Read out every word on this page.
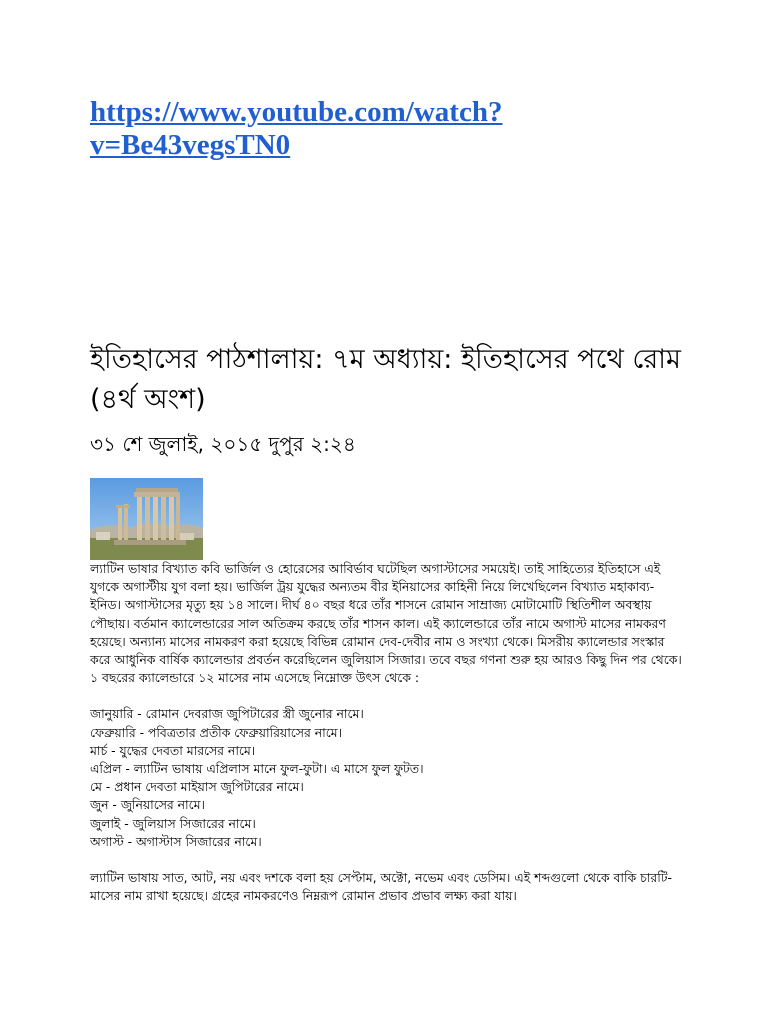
https://www.youtube.com/watch?
v=Be43vegsTN0
ইতিহাসের পাঠশালায়: ৭ম অধ্যায়: ইতিহাসের পথে রোম (৪র্থ অংশ)
৩১ শে জুলাই, ২০১৫ দুপুর ২:২৪

ল্যাটিন ভাষার বিখ্যাত কবি ভার্জিল ও হোরেসের আবির্ভাব ঘটেছিল অগাস্টাসের সময়েই। তাই সাহিত্যের ইতিহাসে এই যুগকে অগাস্টীয় যুগ বলা হয়। ভার্জিল ট্রয় যুদ্ধের অন্যতম বীর ইনিয়াসের কাহিনী নিয়ে লিখেছিলেন বিখ্যাত মহাকাব্য-ইনিড। অগাস্টাসের মৃত্যু হয় ১৪ সালে। দীর্ঘ ৪০ বছর ধরে তাঁর শাসনে রোমান সাম্রাজ্য মোটামোটি স্থিতিশীল অবস্থায় পৌছায়। বর্তমান ক্যালেন্ডারের সাল অতিক্রম করছে তাঁর শাসন কাল। এই ক্যালেন্ডারে তাঁর নামে অগাস্ট মাসের নামকরণ হয়েছে। অন্যান্য মাসের নামকরণ করা হয়েছে বিভিন্ন রোমান দেব-দেবীর নাম ও সংখ্যা থেকে। মিসরীয় ক্যালেন্ডার সংস্কার করে আধুনিক বার্ষিক ক্যালেন্ডার প্রবর্তন করেছিলেন জুলিয়াস সিজার। তবে বছর গণনা শুরু হয় আরও কিছু দিন পর থেকে। ১ বছরের ক্যালেন্ডারে ১২ মাসের নাম এসেছে নিম্নোক্ত উৎস থেকে :

জানুয়ারি - রোমান দেবরাজ জুপিটারের স্ত্রী জুনোর নামে।
ফেব্রুয়ারি - পবিত্রতার প্রতীক ফেব্রুয়ারিয়াসের নামে।
মার্চ - যুদ্ধের দেবতা মারসের নামে।
এপ্রিল - ল্যাটিন ভাষায় এপ্রিলাস মানে ফুল-ফুটা। এ মাসে ফুল ফুটত।
মে - প্রধান দেবতা মাইয়াস জুপিটারের নামে।
জুন - জুনিয়াসের নামে।
জুলাই - জুলিয়াস সিজারের নামে।
অগাস্ট - অগাস্টাস সিজারের নামে।

ল্যাটিন ভাষায় সাত, আট, নয় এবং দশকে বলা হয় সেপ্টাম, অক্টো, নভেম এবং ডেসিম। এই শব্দগুলো থেকে বাকি চারটি-মাসের নাম রাখা হয়েছে। গ্রহের নামকরণেও নিম্নরূপ রোমান প্রভাব প্রভাব লক্ষ্য করা যায়।
